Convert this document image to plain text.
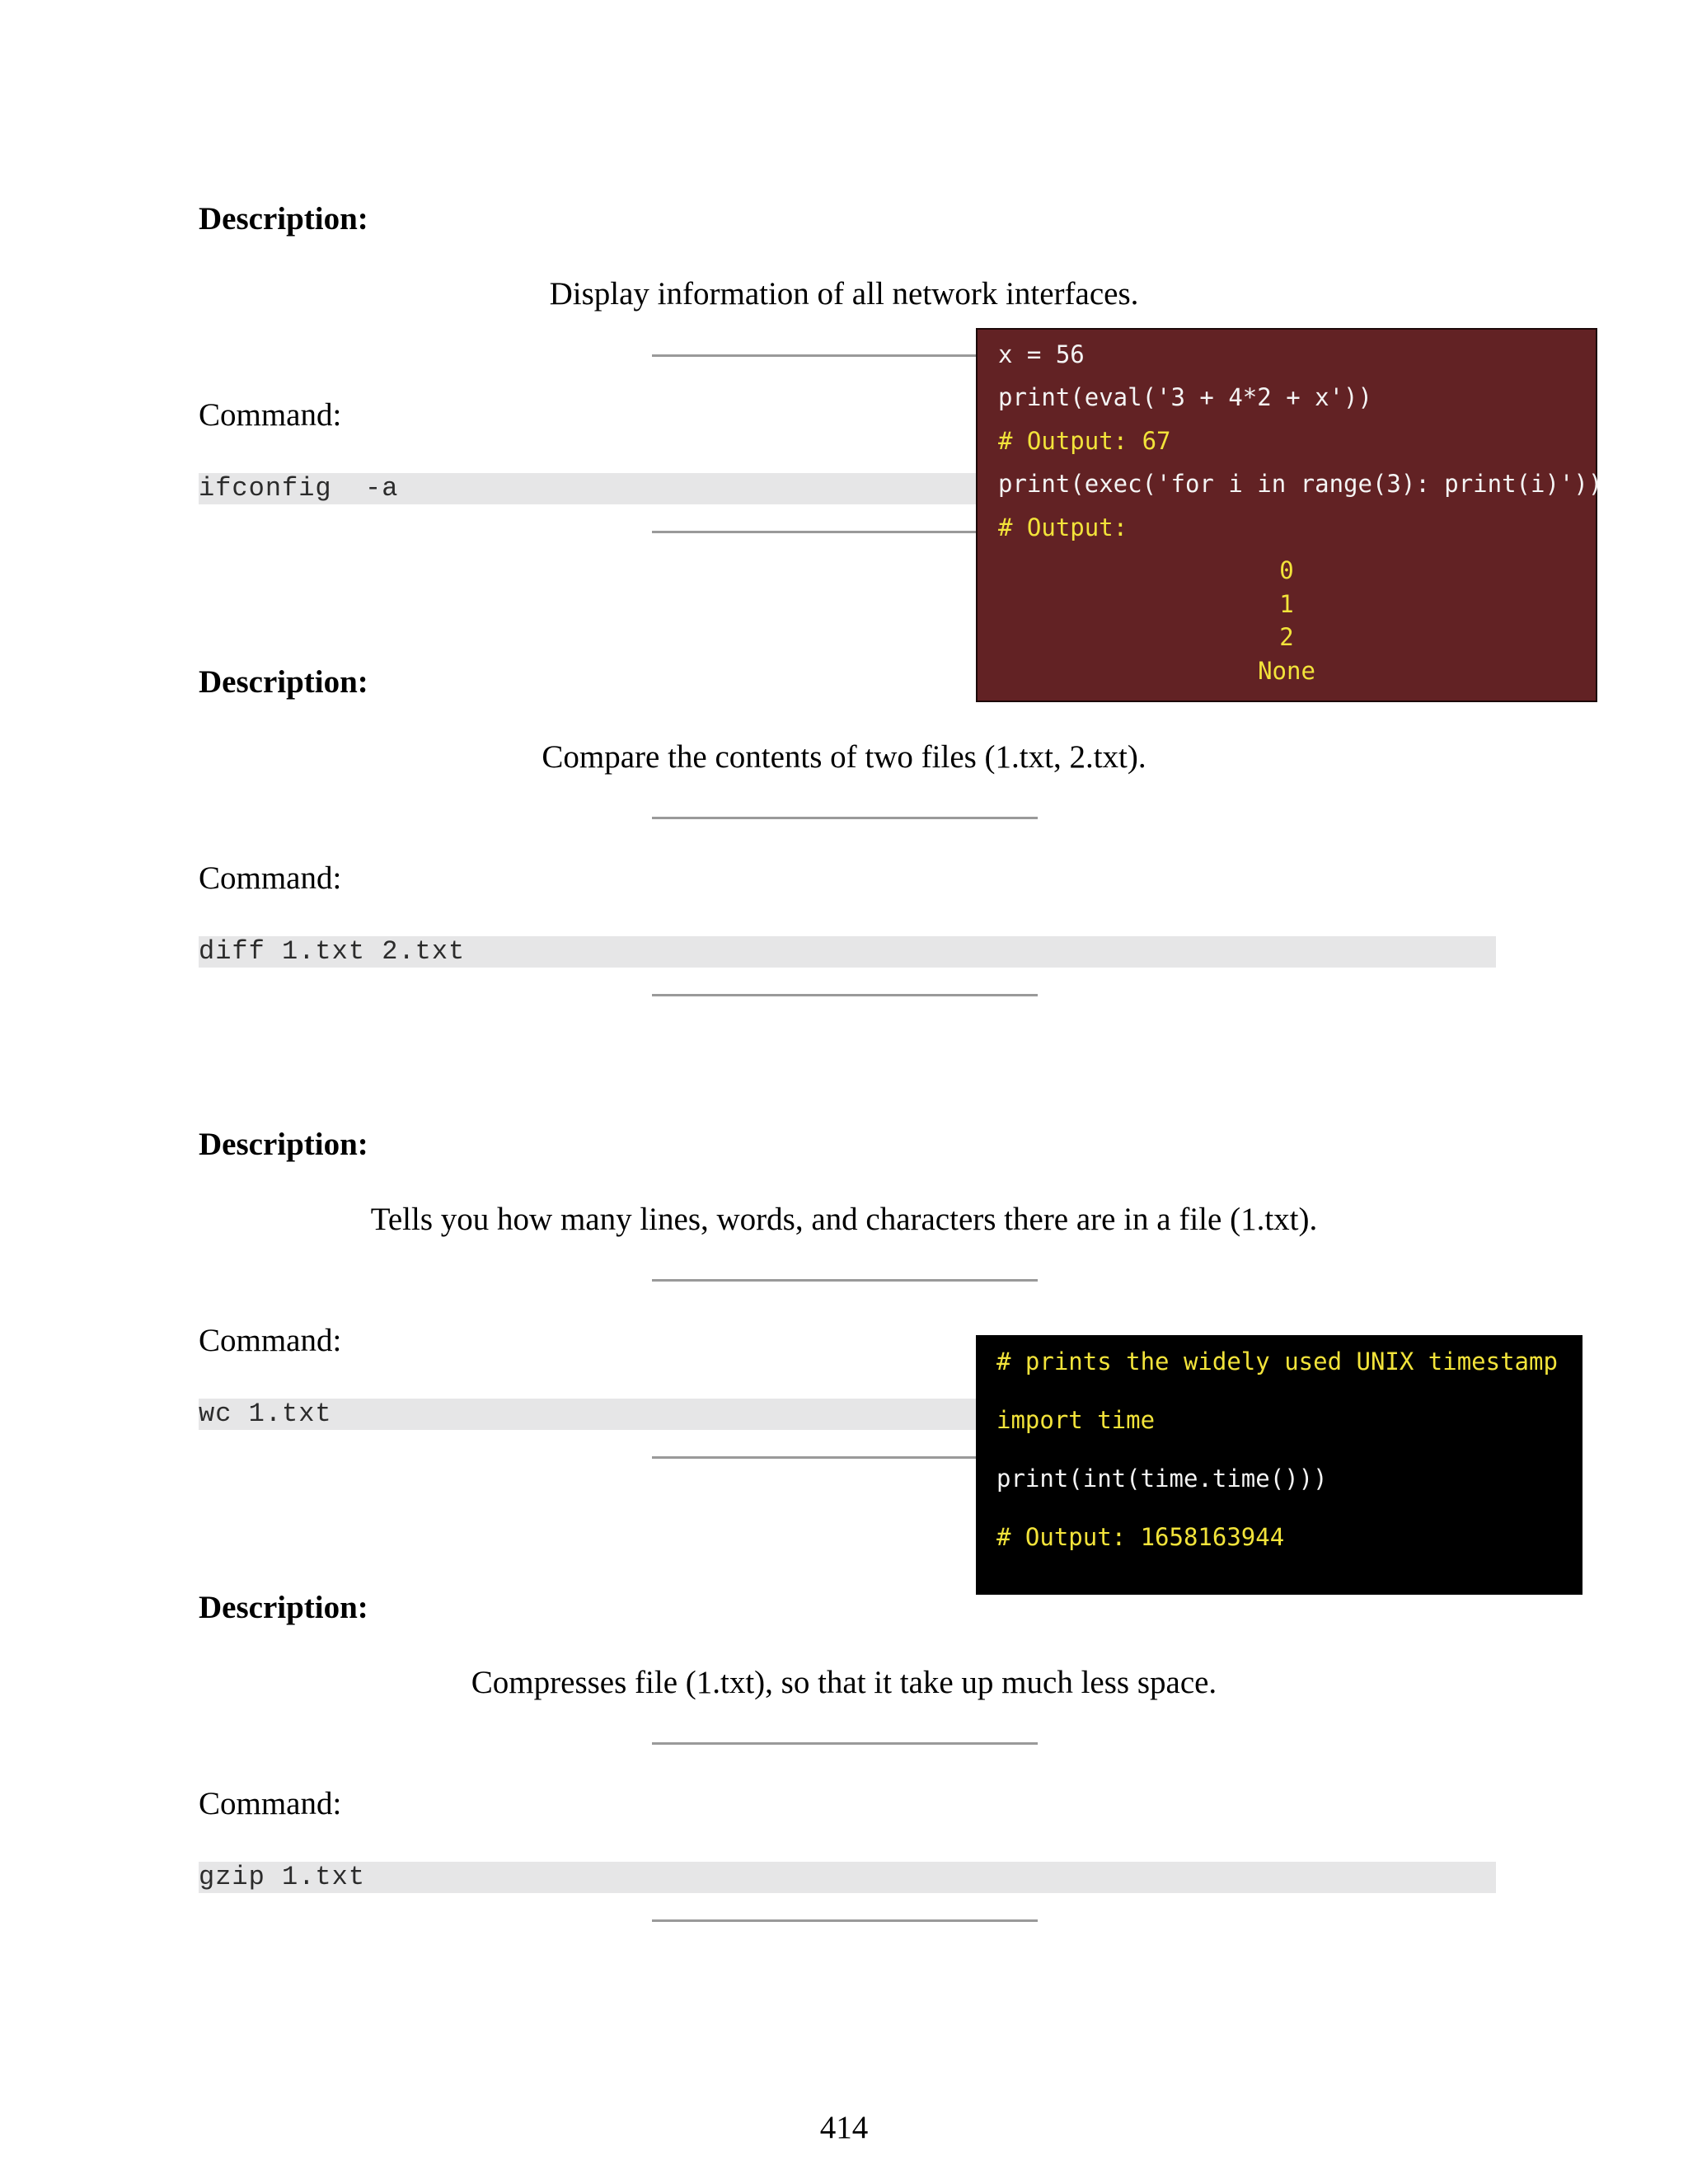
Description:
Display information of all network interfaces.
Command:
ifconfig  -a
Description:
Compare the contents of two files (1.txt, 2.txt).
Command:
diff 1.txt 2.txt
Description:
Tells you how many lines, words, and characters there are in a file (1.txt).
Command:
wc 1.txt
Description:
Compresses file (1.txt), so that it take up much less space.
Command:
gzip 1.txt

x = 56

print(eval('3 + 4*2 + x'))

# Output: 67

print(exec('for i in range(3): print(i)'))

# Output:

0

1

2

None

# prints the widely used UNIX timestamp

import time

print(int(time.time()))

# Output: 1658163944

414
